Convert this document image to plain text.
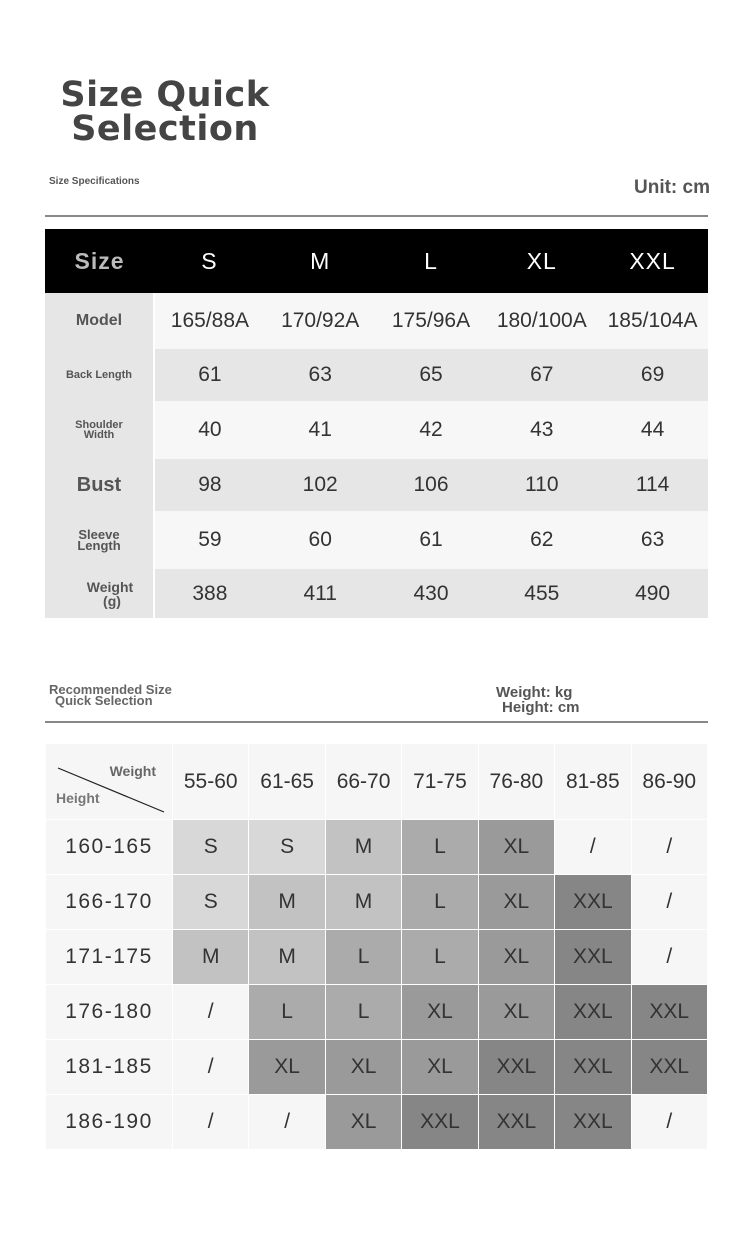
Size Quick
Selection
Size Specifications	Unit: cm
Size	S	M	L	XL	XXL
Model	165/88A	170/92A	175/96A	180/100A	185/104A
Back Length	61	63	65	67	69

Shoulder
Width	40	41	42	43	44
Bust	98	102	106	110	114

Sleeve
Length	59	60	61	62	63

Weight
(g)	388	411	430	455	490
Recommended Size
Quick Selection	Weight: kg
Height: cm
Weight
Height	55-60	61-65	66-70	71-75	76-80	81-85	86-90
160-165	S	S	M	L	XL	/	/
166-170	S	M	M	L	XL	XXL	/
171-175	M	M	L	L	XL	XXL	/
176-180	/	L	L	XL	XL	XXL	XXL
181-185	/	XL	XL	XL	XXL	XXL	XXL
186-190	/	/	XL	XXL	XXL	XXL	/
